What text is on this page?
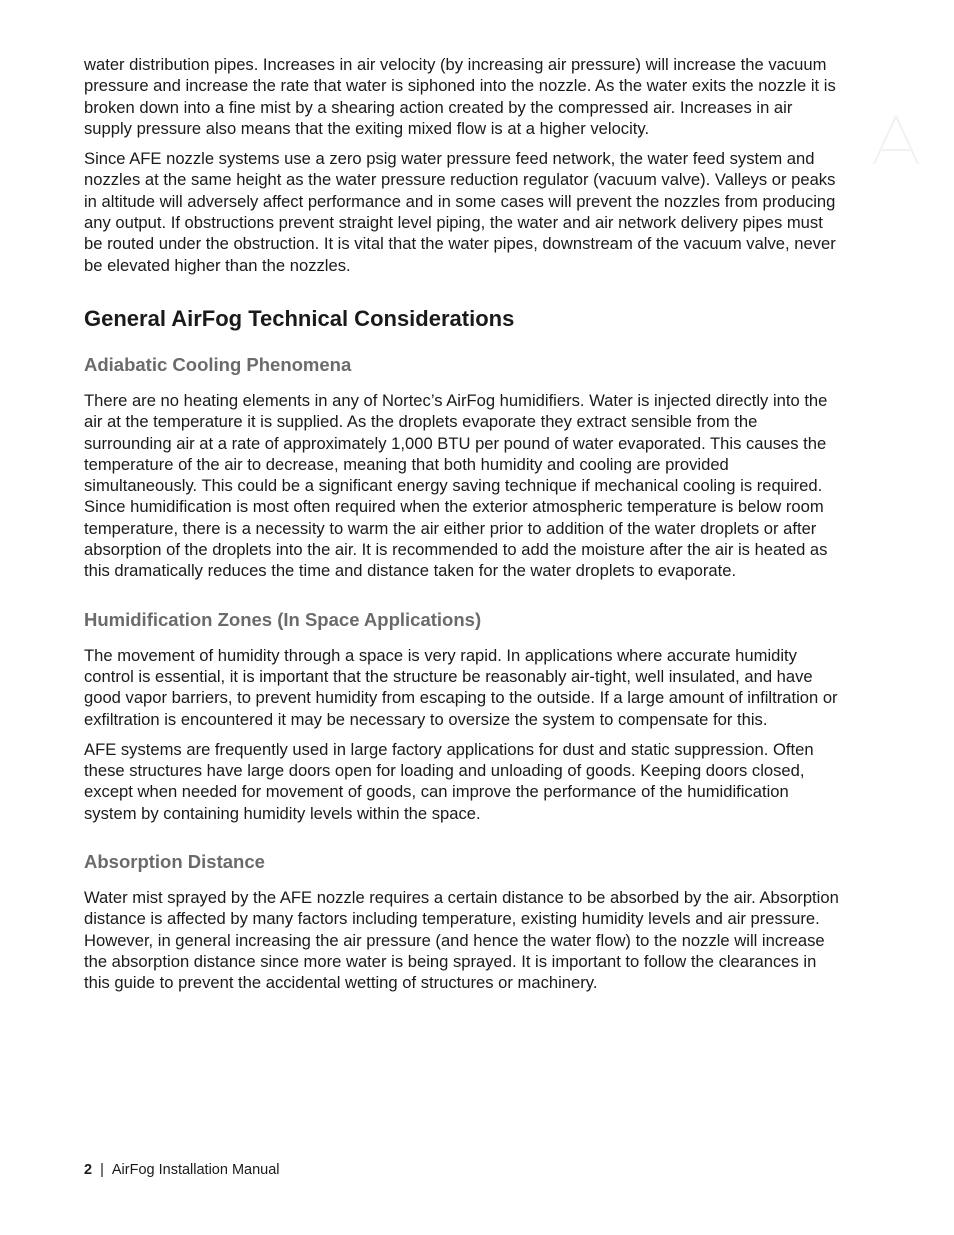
water distribution pipes. Increases in air velocity (by increasing air pressure) will increase the vacuum pressure and increase the rate that water is siphoned into the nozzle. As the water exits the nozzle it is broken down into a fine mist by a shearing action created by the compressed air. Increases in air supply pressure also means that the exiting mixed flow is at a higher velocity.

Since AFE nozzle systems use a zero psig water pressure feed network, the water feed system and nozzles at the same height as the water pressure reduction regulator (vacuum valve). Valleys or peaks in altitude will adversely affect performance and in some cases will prevent the nozzles from producing any output. If obstructions prevent straight level piping, the water and air network delivery pipes must be routed under the obstruction. It is vital that the water pipes, downstream of the vacuum valve, never be elevated higher than the nozzles.

General AirFog Technical Considerations
Adiabatic Cooling Phenomena

There are no heating elements in any of Nortec’s AirFog humidifiers. Water is injected directly into the air at the temperature it is supplied. As the droplets evaporate they extract sensible from the surrounding air at a rate of approximately 1,000 BTU per pound of water evaporated. This causes the temperature of the air to decrease, meaning that both humidity and cooling are provided simultaneously. This could be a significant energy saving technique if mechanical cooling is required. Since humidification is most often required when the exterior atmospheric temperature is below room temperature, there is a necessity to warm the air either prior to addition of the water droplets or after absorption of the droplets into the air. It is recommended to add the moisture after the air is heated as this dramatically reduces the time and distance taken for the water droplets to evaporate.

Humidification Zones (In Space Applications)

The movement of humidity through a space is very rapid. In applications where accurate humidity control is essential, it is important that the structure be reasonably air-tight, well insulated, and have good vapor barriers, to prevent humidity from escaping to the outside. If a large amount of infiltration or exfiltration is encountered it may be necessary to oversize the system to compensate for this.

AFE systems are frequently used in large factory applications for dust and static suppression. Often these structures have large doors open for loading and unloading of goods. Keeping doors closed, except when needed for movement of goods, can improve the performance of the humidification system by containing humidity levels within the space.

Absorption Distance

Water mist sprayed by the AFE nozzle requires a certain distance to be absorbed by the air. Absorption distance is affected by many factors including temperature, existing humidity levels and air pressure. However, in general increasing the air pressure (and hence the water flow) to the nozzle will increase the absorption distance since more water is being sprayed. It is important to follow the clearances in this guide to prevent the accidental wetting of structures or machinery.

2 | AirFog Installation Manual
